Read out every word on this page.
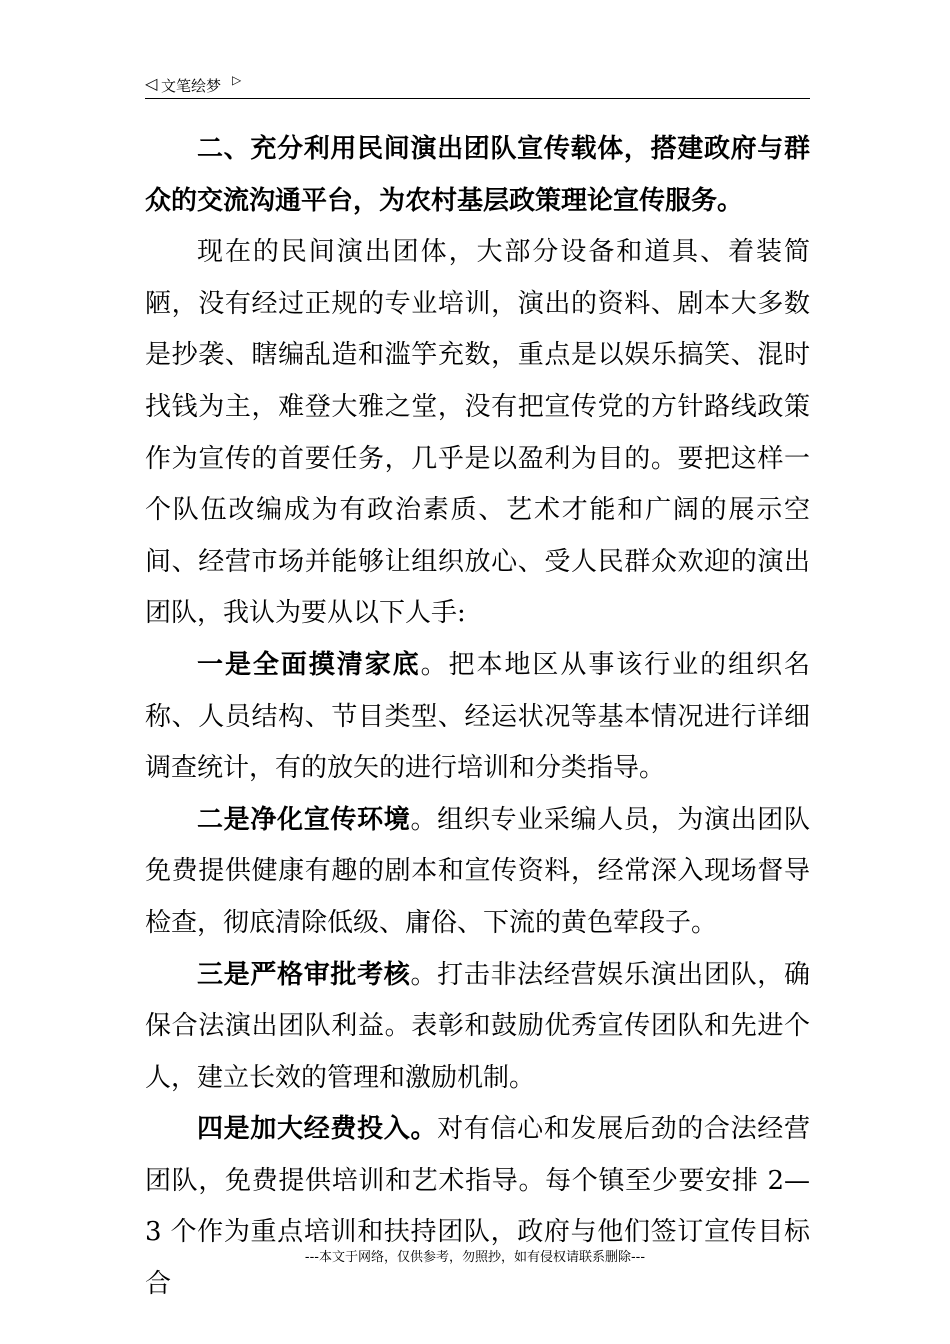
◁ 文笔绘梦 ▷

二、充分利用民间演出团队宣传载体，搭建政府与群众的交流沟通平台，为农村基层政策理论宣传服务。

现在的民间演出团体，大部分设备和道具、着装简陋，没有经过正规的专业培训，演出的资料、剧本大多数是抄袭、瞎编乱造和滥竽充数，重点是以娱乐搞笑、混时找钱为主，难登大雅之堂，没有把宣传党的方针路线政策作为宣传的首要任务，几乎是以盈利为目的。要把这样一个队伍改编成为有政治素质、艺术才能和广阔的展示空间、经营市场并能够让组织放心、受人民群众欢迎的演出团队，我认为要从以下人手:

一是全面摸清家底。把本地区从事该行业的组织名称、人员结构、节目类型、经运状况等基本情况进行详细调查统计，有的放矢的进行培训和分类指导。

二是净化宣传环境。组织专业采编人员，为演出团队免费提供健康有趣的剧本和宣传资料，经常深入现场督导检查，彻底清除低级、庸俗、下流的黄色荤段子。

三是严格审批考核。打击非法经营娱乐演出团队，确保合法演出团队利益。表彰和鼓励优秀宣传团队和先进个人，建立长效的管理和激励机制。

四是加大经费投入。对有信心和发展后劲的合法经营团队，免费提供培训和艺术指导。每个镇至少要安排 2—3 个作为重点培训和扶持团队，政府与他们签订宣传目标合

---本文于网络，仅供参考，勿照抄，如有侵权请联系删除---
